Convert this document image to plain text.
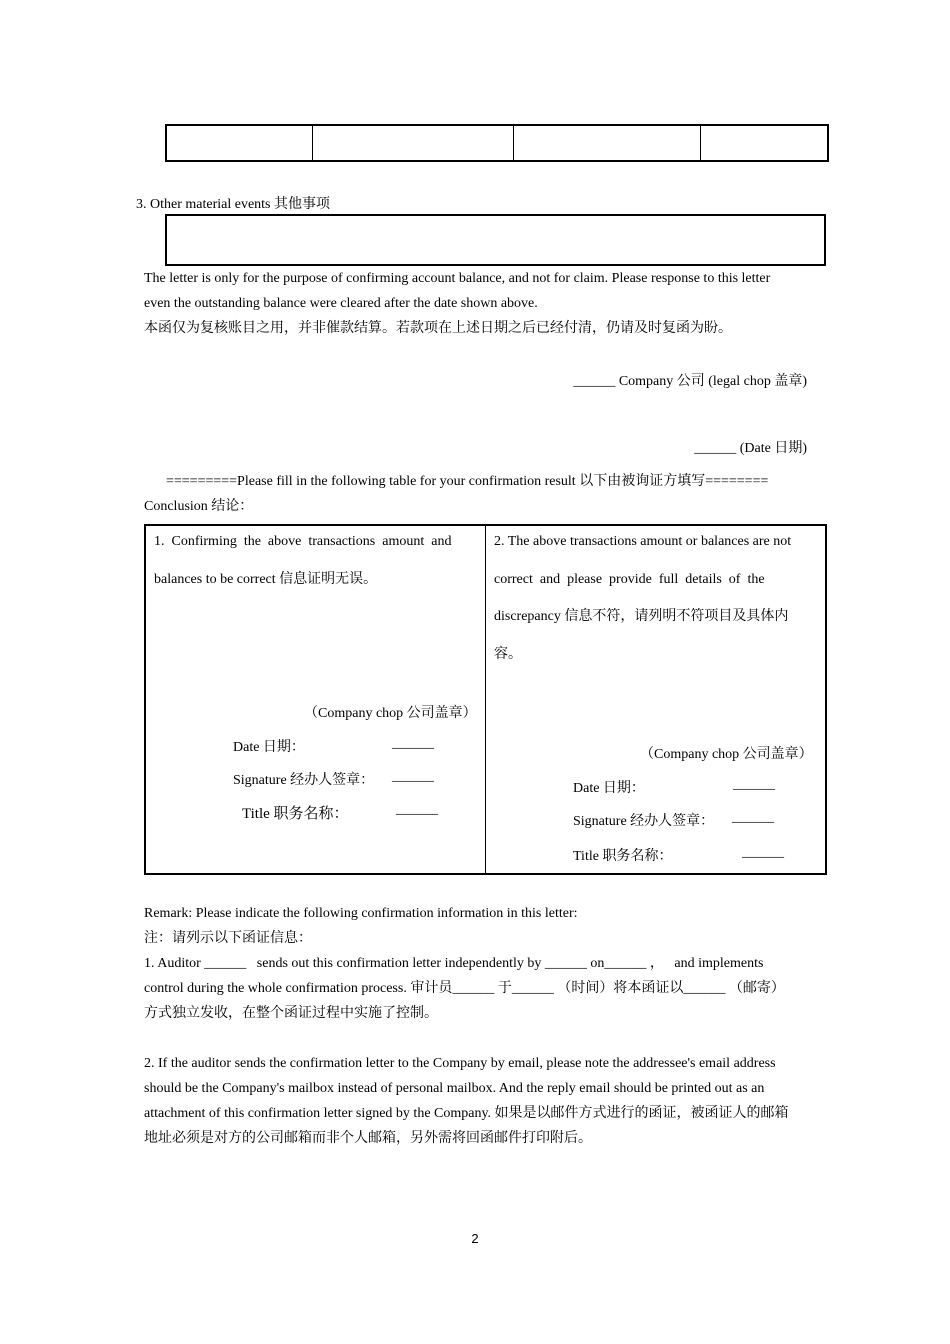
3. Other material events 其他事项
The letter is only for the purpose of confirming account balance, and not for claim. Please response to this letter
even the outstanding balance were cleared after the date shown above.
本函仅为复核账目之用，并非催款结算。若款项在上述日期之后已经付清，仍请及时复函为盼。
______ Company 公司 (legal chop 盖章)
______ (Date 日期)
=========Please fill in the following table for your confirmation result 以下由被询证方填写========
Conclusion 结论：
1.  Confirming  the  above  transactions  amount  and
balances to be correct 信息证明无误。
（Company chop 公司盖章）
Date 日期：	______
Signature 经办人签章： ______
Title 职务名称：	______
2. The above transactions amount or balances are not
correct  and  please  provide  full  details  of  the
discrepancy 信息不符，请列明不符项目及具体内
容。
（Company chop 公司盖章）
Date 日期：	______
Signature 经办人签章： ______
Title 职务名称：	______
Remark: Please indicate the following confirmation information in this letter:
注：请列示以下函证信息：
1. Auditor ______   sends out this confirmation letter independently by ______ on______ ，   and implements
control during the whole confirmation process. 审计员______ 于______ （时间）将本函证以______ （邮寄）
方式独立发收，在整个函证过程中实施了控制。
2. If the auditor sends the confirmation letter to the Company by email, please note the addressee's email address
should be the Company's mailbox instead of personal mailbox. And the reply email should be printed out as an
attachment of this confirmation letter signed by the Company. 如果是以邮件方式进行的函证，被函证人的邮箱
地址必须是对方的公司邮箱而非个人邮箱，另外需将回函邮件打印附后。
2
